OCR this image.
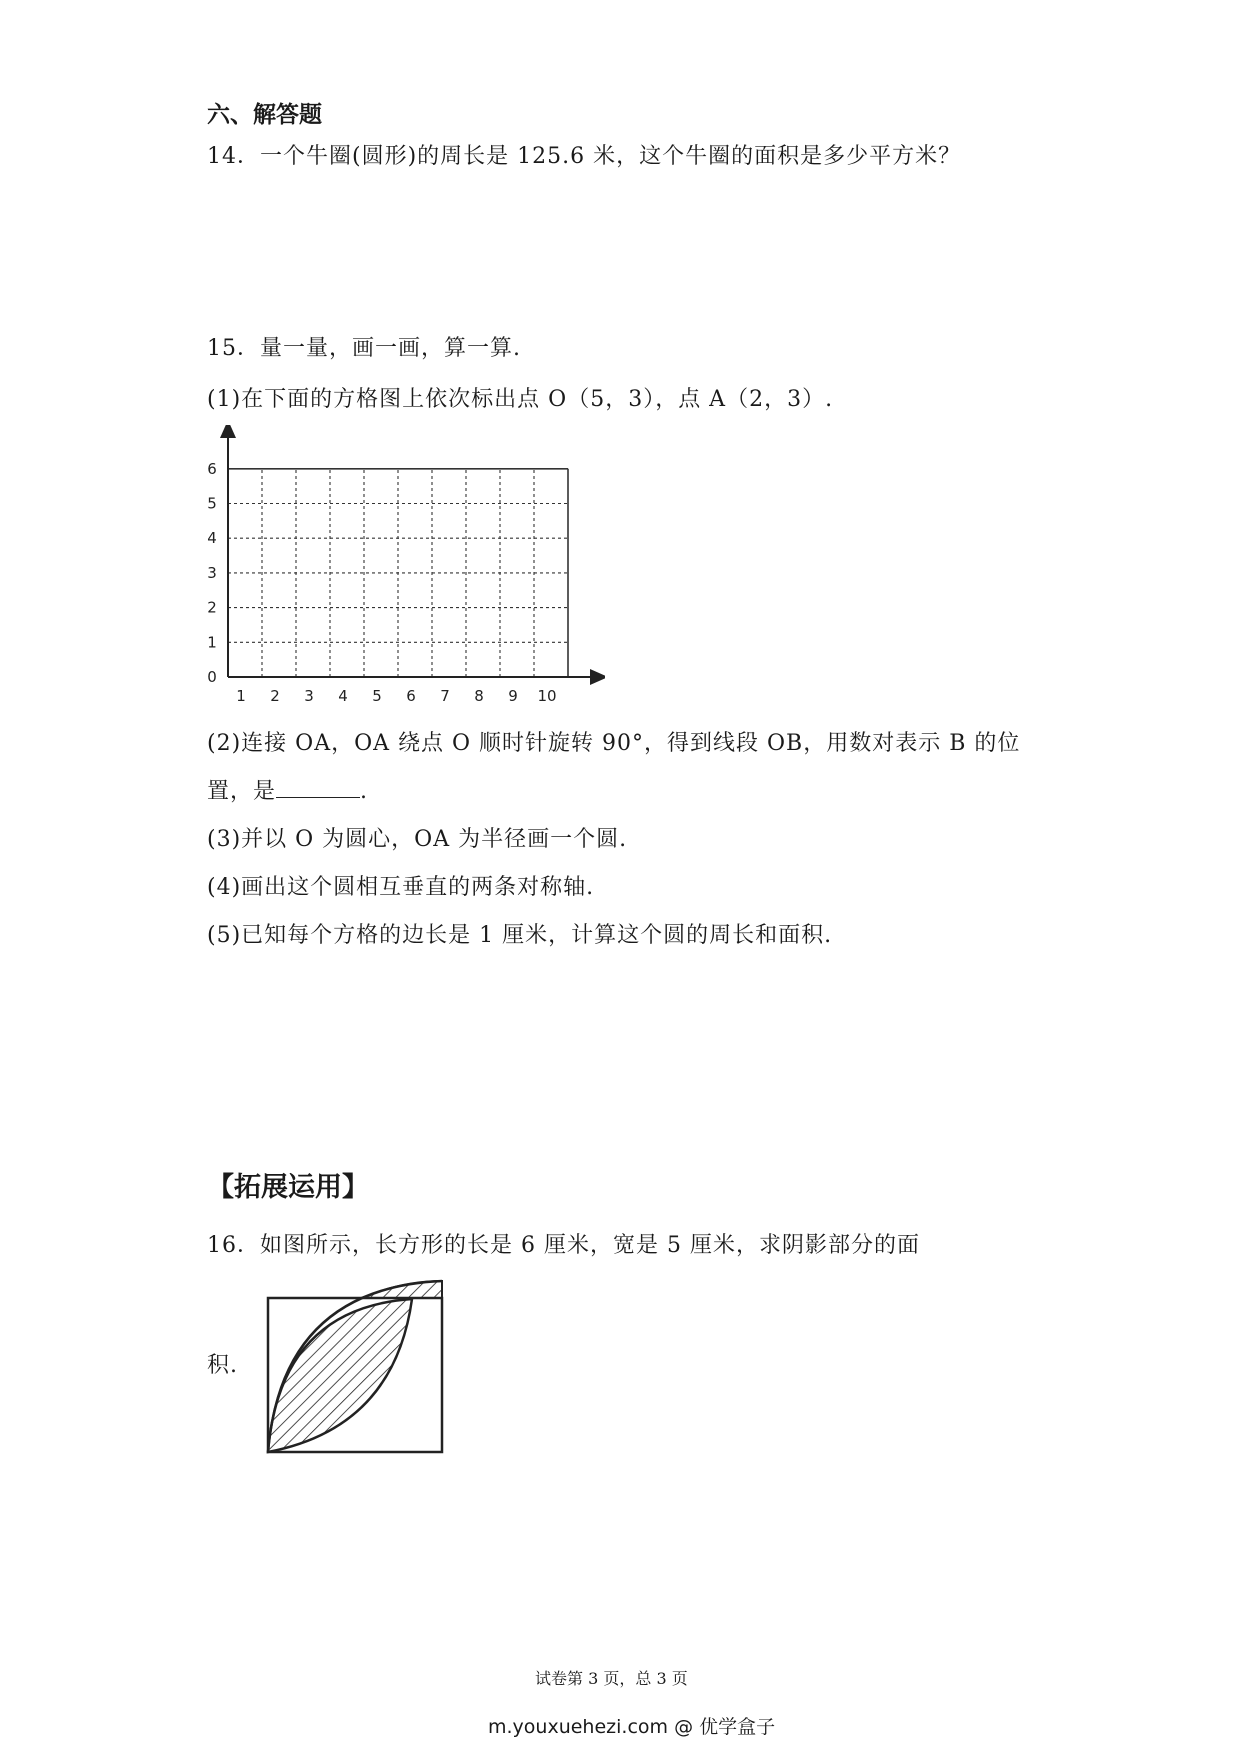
六、解答题
14．一个牛圈(圆形)的周长是 125.6 米，这个牛圈的面积是多少平方米？
15．量一量，画一画，算一算.
(1)在下面的方格图上依次标出点 O（5，3），点 A（2，3）.
1 2 3 4 5 6 7 8 9 10
0
1
2
3
4
5
6
(2)连接 OA，OA 绕点 O 顺时针旋转 90°，得到线段 OB，用数对表示 B 的位
置，是	.
(3)并以 O 为圆心，OA 为半径画一个圆.
(4)画出这个圆相互垂直的两条对称轴.
(5)已知每个方格的边长是 1 厘米，计算这个圆的周长和面积.
【拓展运用】
16．如图所示，长方形的长是 6 厘米，宽是 5 厘米，求阴影部分的面
积.
试卷第 3 页，总 3 页
m.youxuehezi.com @ 优学盒子
